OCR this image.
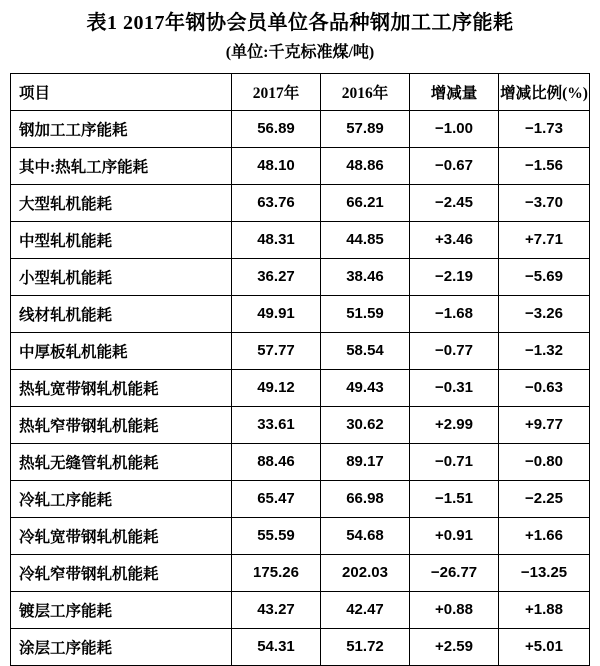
表1 2017年钢协会员单位各品种钢加工工序能耗
(单位:千克标准煤/吨)
项目	2017年	2016年	增减量	增减比例(%)
钢加工工序能耗	56.89	57.89	−1.00	−1.73
其中:热轧工序能耗	48.10	48.86	−0.67	−1.56
大型轧机能耗	63.76	66.21	−2.45	−3.70
中型轧机能耗	48.31	44.85	+3.46	+7.71
小型轧机能耗	36.27	38.46	−2.19	−5.69
线材轧机能耗	49.91	51.59	−1.68	−3.26
中厚板轧机能耗	57.77	58.54	−0.77	−1.32
热轧宽带钢轧机能耗	49.12	49.43	−0.31	−0.63
热轧窄带钢轧机能耗	33.61	30.62	+2.99	+9.77
热轧无缝管轧机能耗	88.46	89.17	−0.71	−0.80
冷轧工序能耗	65.47	66.98	−1.51	−2.25
冷轧宽带钢轧机能耗	55.59	54.68	+0.91	+1.66
冷轧窄带钢轧机能耗	175.26	202.03	−26.77	−13.25
镀层工序能耗	43.27	42.47	+0.88	+1.88
涂层工序能耗	54.31	51.72	+2.59	+5.01
